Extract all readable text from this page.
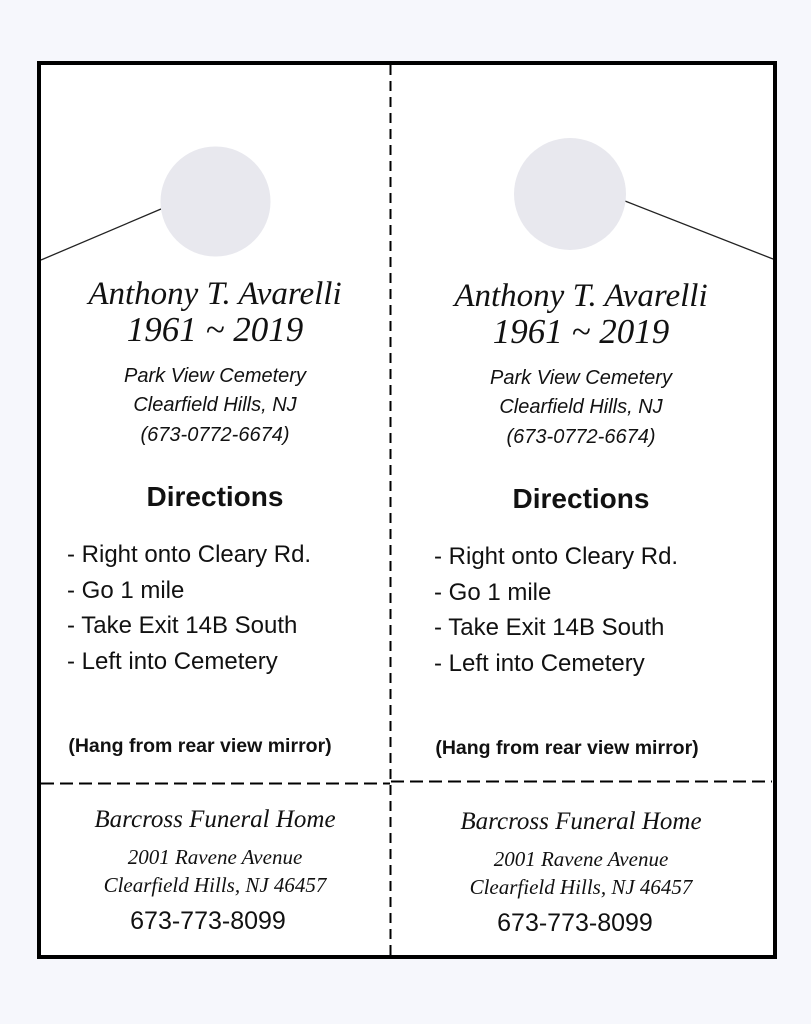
Anthony T. Avarelli
1961 ~ 2019
Park View Cemetery
Clearfield Hills, NJ
(673-0772-6674)
Directions
- Right onto Cleary Rd.
- Go 1 mile
- Take Exit 14B South
- Left into Cemetery
(Hang from rear view mirror)
Barcross Funeral Home
2001 Ravene Avenue
Clearfield Hills, NJ 46457
673-773-8099
Anthony T. Avarelli
1961 ~ 2019
Park View Cemetery
Clearfield Hills, NJ
(673-0772-6674)
Directions
- Right onto Cleary Rd.
- Go 1 mile
- Take Exit 14B South
- Left into Cemetery
(Hang from rear view mirror)
Barcross Funeral Home
2001 Ravene Avenue
Clearfield Hills, NJ 46457
673-773-8099
